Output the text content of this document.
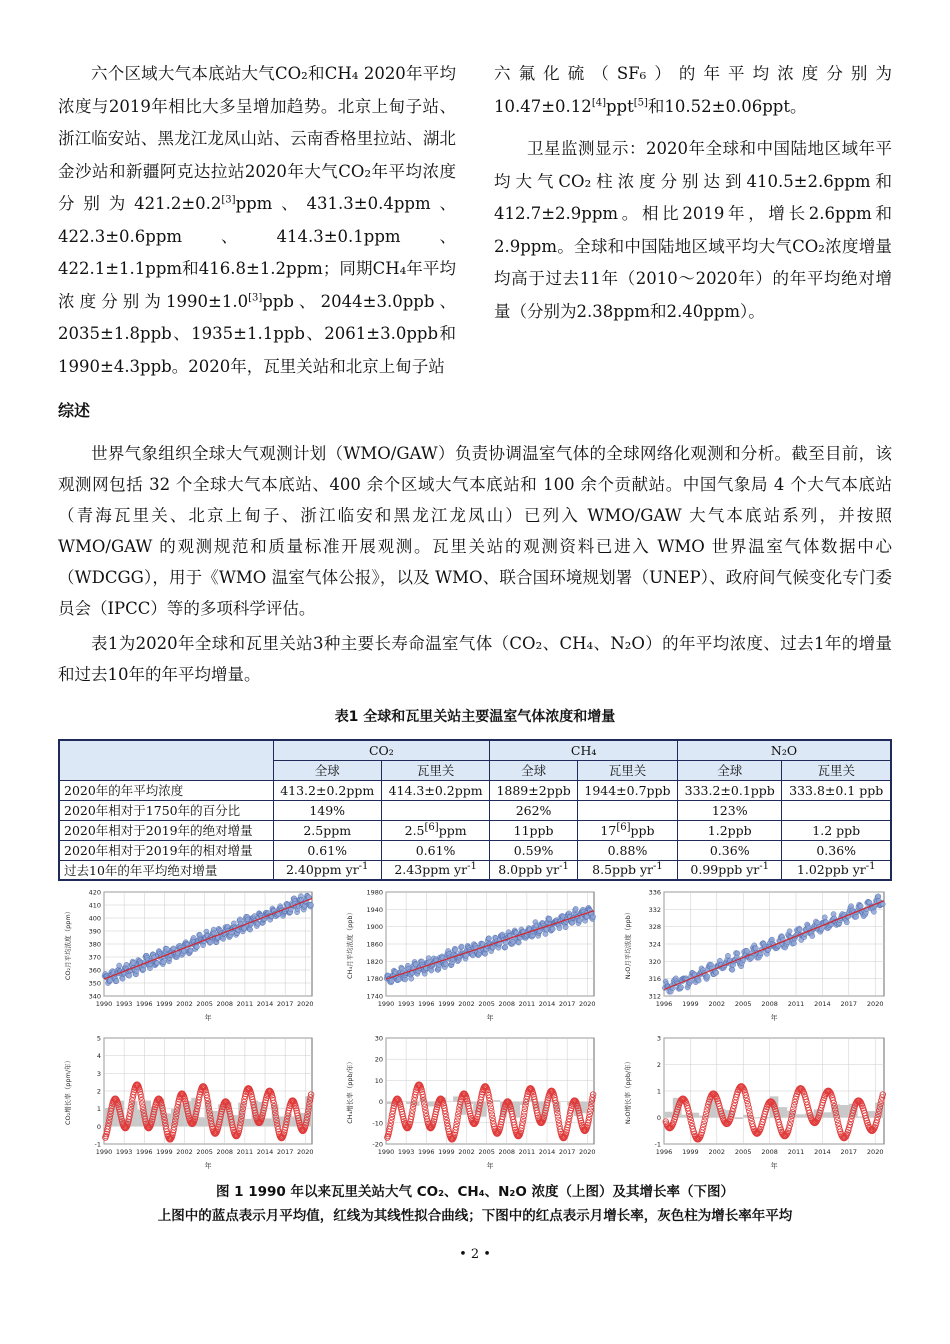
六个区域大气本底站大气CO₂和CH₄ 2020年平均浓度与2019年相比大多呈增加趋势。北京上甸子站、浙江临安站、黑龙江龙凤山站、云南香格里拉站、湖北金沙站和新疆阿克达拉站2020年大气CO₂年平均浓度分别为421.2±0.2[3]ppm、431.3±0.4ppm、422.3±0.6ppm、414.3±0.1ppm、422.1±1.1ppm和416.8±1.2ppm；同期CH₄年平均浓度分别为1990±1.0[3]ppb、2044±3.0ppb、2035±1.8ppb、1935±1.1ppb、2061±3.0ppb和1990±4.3ppb。2020年，瓦里关站和北京上甸子站

六氟化硫（SF₆）的年平均浓度分别为10.47±0.12[4]ppt[5]和10.52±0.06ppt。

卫星监测显示：2020年全球和中国陆地区域年平均大气CO₂柱浓度分别达到410.5±2.6ppm和412.7±2.9ppm。相比2019年，增长2.6ppm和2.9ppm。全球和中国陆地区域平均大气CO₂浓度增量均高于过去11年（2010～2020年）的年平均绝对增量（分别为2.38ppm和2.40ppm）。

综述

世界气象组织全球大气观测计划（WMO/GAW）负责协调温室气体的全球网络化观测和分析。截至目前，该观测网包括 32 个全球大气本底站、400 余个区域大气本底站和 100 余个贡献站。中国气象局 4 个大气本底站（青海瓦里关、北京上甸子、浙江临安和黑龙江龙凤山）已列入 WMO/GAW 大气本底站系列，并按照 WMO/GAW 的观测规范和质量标准开展观测。瓦里关站的观测资料已进入 WMO 世界温室气体数据中心（WDCGG），用于《WMO 温室气体公报》，以及 WMO、联合国环境规划署（UNEP）、政府间气候变化专门委员会（IPCC）等的多项科学评估。

表1为2020年全球和瓦里关站3种主要长寿命温室气体（CO₂、CH₄、N₂O）的年平均浓度、过去1年的增量和过去10年的年平均增量。

表1 全球和瓦里关站主要温室气体浓度和增量
	CO₂		CH₄		N₂O	
	全球	瓦里关	全球	瓦里关	全球	瓦里关
2020年的年平均浓度	413.2±0.2ppm	414.3±0.2ppm	1889±2ppb	1944±0.7ppb	333.2±0.1ppb	333.8±0.1 ppb
2020年相对于1750年的百分比	149%		262%		123%	
2020年相对于2019年的绝对增量	2.5ppm	2.5[6]ppm	11ppb	17[6]ppb	1.2ppb	1.2 ppb
2020年相对于2019年的相对增量	0.61%	0.61%	0.59%	0.88%	0.36%	0.36%
过去10年的年平均绝对增量	2.40ppm $yr^{-1}$	2.43ppm $yr^{-1}$	8.0ppb $yr^{-1}$	8.5ppb $yr^{-1}$	0.99ppb $yr^{-1}$	1.02ppb $yr^{-1}$
1990 1993 1996 1999 2002 2005 2008 2011 2014 2017 2020
340
350
360
370
380
390
400
410
420
年
CO₂月平均浓度（ppm）
1990 1993 1996 1999 2002 2005 2008 2011 2014 2017 2020
1740
1780
1820
1860
1900
1940
1980
年
CH₄月平均浓度（ppb）
1996 1999 2002 2005 2008 2011 2014 2017 2020
312
316
320
324
328
332
336
年
N₂O月平均浓度（ppb）
1990 1993 1996 1999 2002 2005 2008 2011 2014 2017 2020
-1
0
1
2
3
4
5
年
CO₂增长率（ppm/年）
1990 1993 1996 1999 2002 2005 2008 2011 2014 2017 2020
-20
-10
0
10
20
30
年
CH₄增长率（ppb/年）
1996 1999 2002 2005 2008 2011 2014 2017 2020
-1
0
1
2
3
年
N₂O增长率（ppb/年）
图 1 1990 年以来瓦里关站大气 CO₂、CH₄、N₂O 浓度（上图）及其增长率（下图）
上图中的蓝点表示月平均值，红线为其线性拟合曲线；下图中的红点表示月增长率，灰色柱为增长率年平均
• 2 •
